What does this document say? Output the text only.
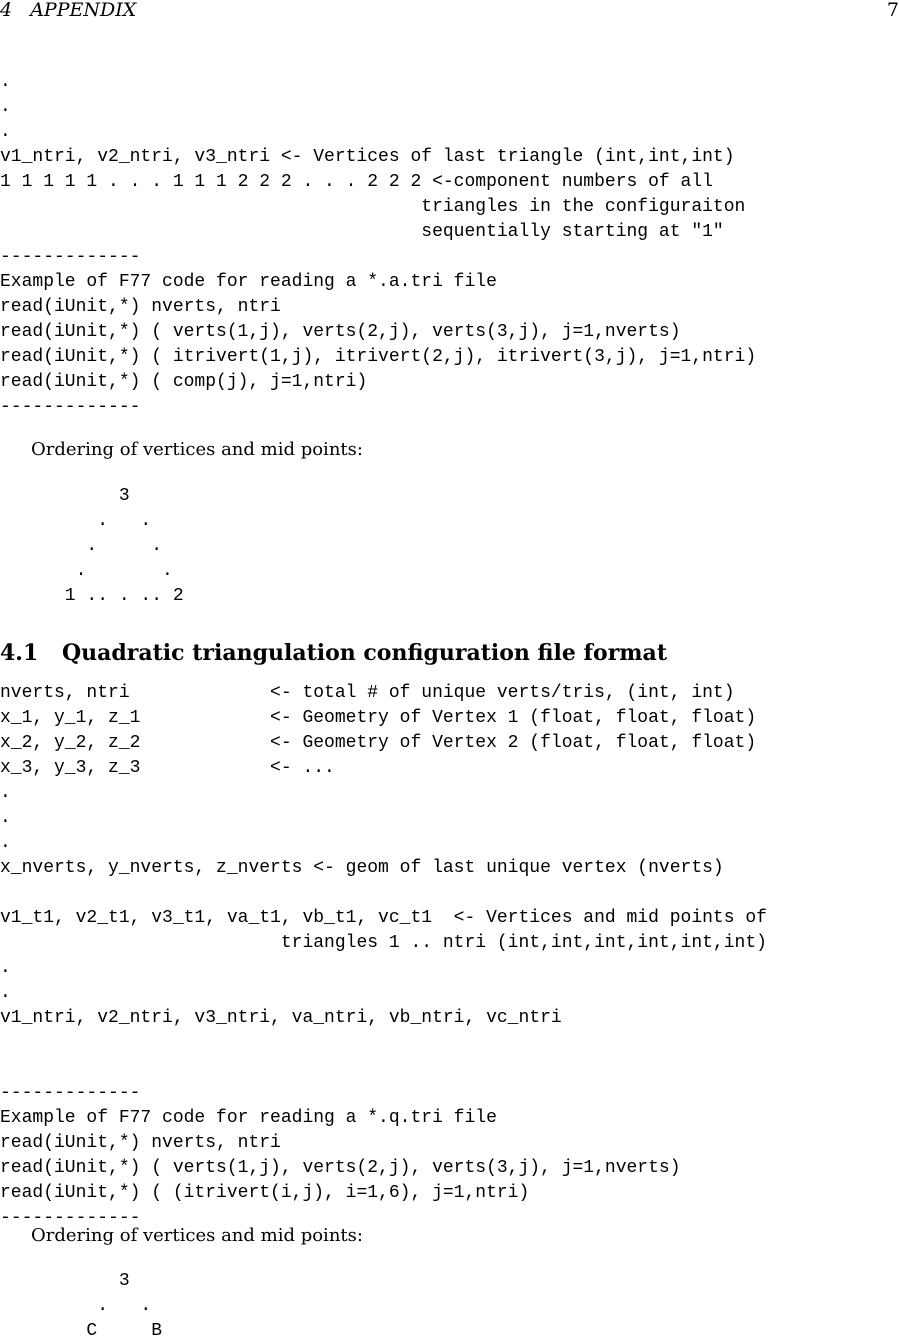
4   APPENDIX	7
.
.
.
v1_ntri, v2_ntri, v3_ntri <- Vertices of last triangle (int,int,int)
1 1 1 1 1 . . . 1 1 1 2 2 2 . . . 2 2 2 <-component numbers of all
triangles in the configuraiton
sequentially starting at "1"
-------------
Example of F77 code for reading a *.a.tri file
read(iUnit,*) nverts, ntri
read(iUnit,*) ( verts(1,j), verts(2,j), verts(3,j), j=1,nverts)
read(iUnit,*) ( itrivert(1,j), itrivert(2,j), itrivert(3,j), j=1,ntri)
read(iUnit,*) ( comp(j), j=1,ntri)
-------------

Ordering of vertices and mid points:

3
.   .
.     .
.       .
1 .. . .. 2
4.1 Quadratic triangulation configuration file format
nverts, ntri             <- total # of unique verts/tris, (int, int)
x_1, y_1, z_1            <- Geometry of Vertex 1 (float, float, float)
x_2, y_2, z_2            <- Geometry of Vertex 2 (float, float, float)
x_3, y_3, z_3            <- ...
.
.
.
x_nverts, y_nverts, z_nverts <- geom of last unique vertex (nverts)

v1_t1, v2_t1, v3_t1, va_t1, vb_t1, vc_t1  <- Vertices and mid points of
triangles 1 .. ntri (int,int,int,int,int,int)
.
.
v1_ntri, v2_ntri, v3_ntri, va_ntri, vb_ntri, vc_ntri

-------------
Example of F77 code for reading a *.q.tri file
read(iUnit,*) nverts, ntri
read(iUnit,*) ( verts(1,j), verts(2,j), verts(3,j), j=1,nverts)
read(iUnit,*) ( (itrivert(i,j), i=1,6), j=1,ntri)
-------------

Ordering of vertices and mid points:

3
.   .
C     B
